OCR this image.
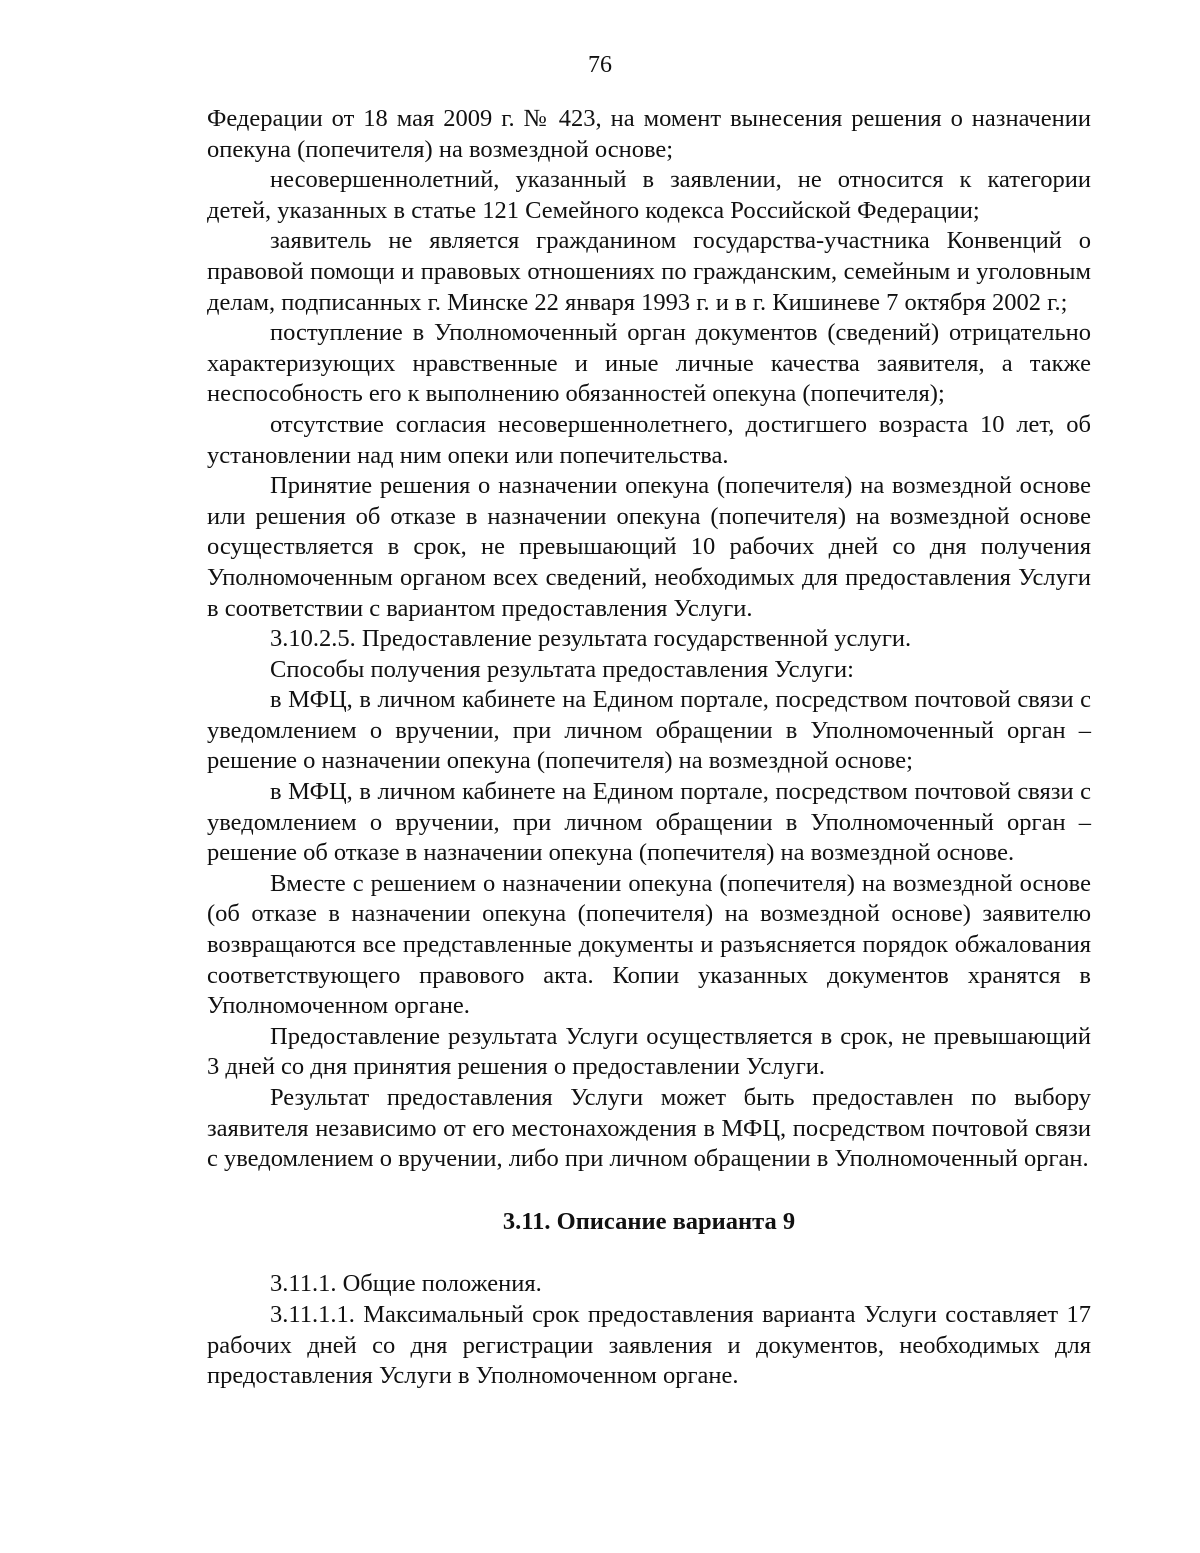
76

Федерации от 18 мая 2009 г. № 423, на момент вынесения решения о назначении опекуна (попечителя) на возмездной основе;

несовершеннолетний, указанный в заявлении, не относится к категории детей, указанных в статье 121 Семейного кодекса Российской Федерации;

заявитель не является гражданином государства-участника Конвенций о правовой помощи и правовых отношениях по гражданским, семейным и уголовным делам, подписанных г. Минске 22 января 1993 г. и в г. Кишиневе 7 октября 2002 г.;

поступление в Уполномоченный орган документов (сведений) отрицательно характеризующих нравственные и иные личные качества заявителя, а также неспособность его к выполнению обязанностей опекуна (попечителя);

отсутствие согласия несовершеннолетнего, достигшего возраста 10 лет, об установлении над ним опеки или попечительства.

Принятие решения о назначении опекуна (попечителя) на возмездной основе или решения об отказе в назначении опекуна (попечителя) на возмездной основе осуществляется в срок, не превышающий 10 рабочих дней со дня получения Уполномоченным органом всех сведений, необходимых для предоставления Услуги в соответствии с вариантом предоставления Услуги.

3.10.2.5. Предоставление результата государственной услуги.

Способы получения результата предоставления Услуги:

в МФЦ, в личном кабинете на Едином портале, посредством почтовой связи с уведомлением о вручении, при личном обращении в Уполномоченный орган – решение о назначении опекуна (попечителя) на возмездной основе;

в МФЦ, в личном кабинете на Едином портале, посредством почтовой связи с уведомлением о вручении, при личном обращении в Уполномоченный орган – решение об отказе в назначении опекуна (попечителя) на возмездной основе.

Вместе с решением о назначении опекуна (попечителя) на возмездной основе (об отказе в назначении опекуна (попечителя) на возмездной основе) заявителю возвращаются все представленные документы и разъясняется порядок обжалования соответствующего правового акта. Копии указанных документов хранятся в Уполномоченном органе.

Предоставление результата Услуги осуществляется в срок, не превышающий 3 дней со дня принятия решения о предоставлении Услуги.

Результат предоставления Услуги может быть предоставлен по выбору заявителя независимо от его местонахождения в МФЦ, посредством почтовой связи с уведомлением о вручении, либо при личном обращении в Уполномоченный орган.

3.11. Описание варианта 9

3.11.1. Общие положения.

3.11.1.1. Максимальный срок предоставления варианта Услуги составляет 17 рабочих дней со дня регистрации заявления и документов, необходимых для предоставления Услуги в Уполномоченном органе.
